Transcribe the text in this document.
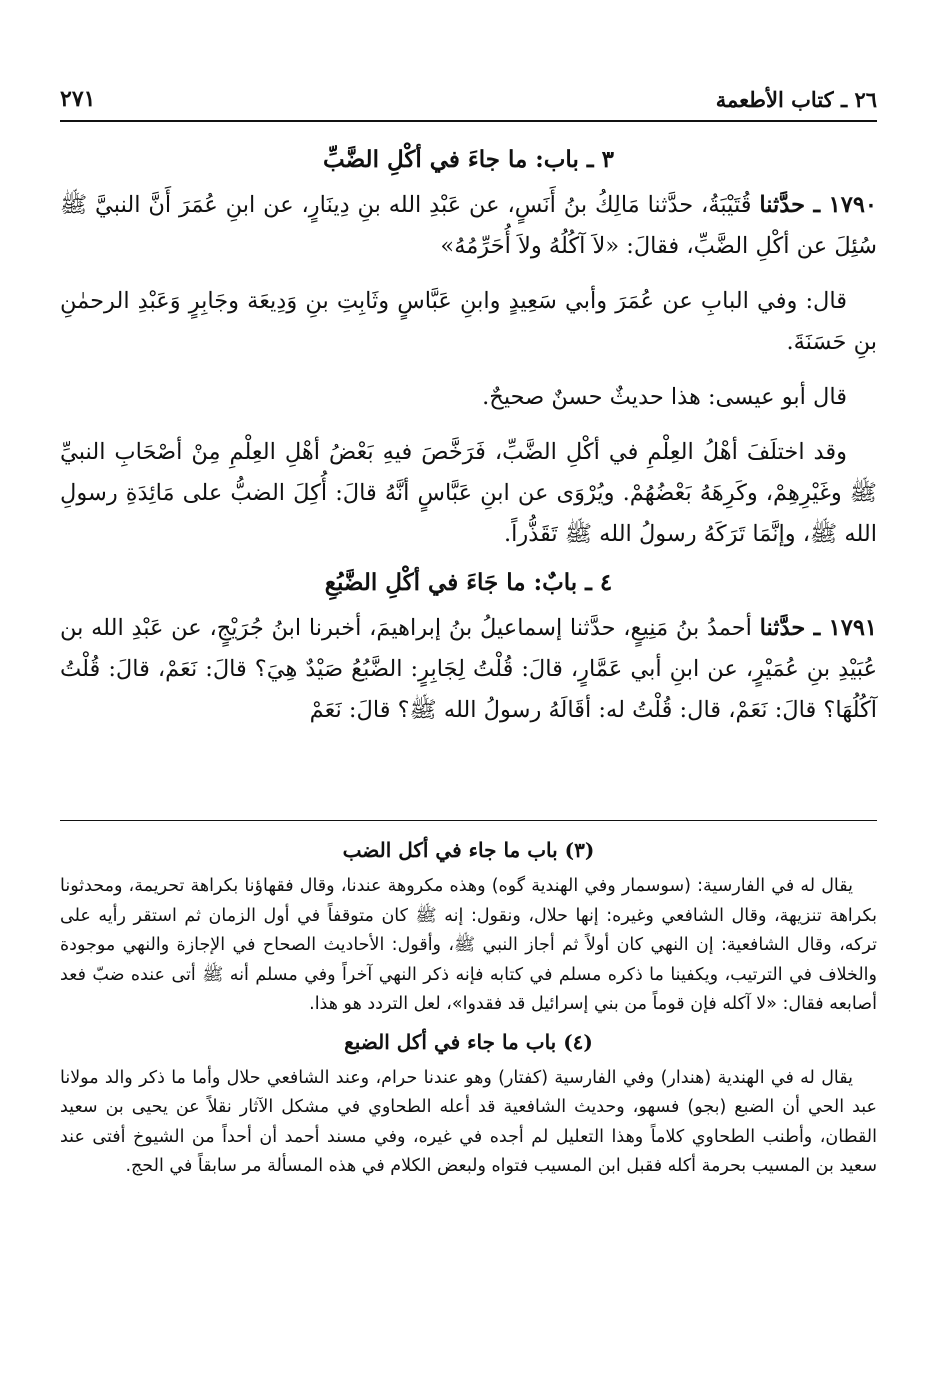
٢٦ ـ كتاب الأطعمة
٢٧١
٣ ـ باب: ما جاءَ في أكْلِ الضَّبِّ

١٧٩٠ ـ حدَّثنا قُتَيْبَةُ، حدَّثنا مَالِكُ بنُ أَنَسٍ، عن عَبْدِ الله بنِ دِينَارٍ، عن ابنِ عُمَرَ أَنَّ النبيَّ ﷺ سُئِلَ عن أكْلِ الضَّبِّ، فقالَ: «لاَ آكُلُهُ ولاَ أُحَرِّمُهُ»

قال: وفي البابِ عن عُمَرَ وأبي سَعِيدٍ وابنِ عَبَّاسٍ وثَابِتِ بنِ وَدِيعَة وجَابِرٍ وَعَبْدِ الرحمٰنِ بنِ حَسَنَةَ.

قال أبو عيسى: هذا حديثٌ حسنٌ صحيحٌ.

وقد اختلَفَ أهْلُ العِلْمِ في أكْلِ الضَّبِّ، فَرَخَّصَ فيهِ بَعْضُ أهْلِ العِلْمِ مِنْ أصْحَابِ النبيِّ ﷺ وغَيْرِهِمْ، وكَرِهَهُ بَعْضُهُمْ. ويُرْوَى عن ابنِ عَبَّاسٍ أنَّهُ قالَ: أُكِلَ الضبُّ على مَائِدَةِ رسولِ الله ﷺ، وإنَّمَا تَرَكَهُ رسولُ الله ﷺ تَقَذُّراً.

٤ ـ بابٌ: ما جَاءَ في أكْلِ الضَّبُعِ

١٧٩١ ـ حدَّثنا أحمدُ بنُ مَنِيعٍ، حدَّثنا إسماعيلُ بنُ إبراهيمَ، أخبرنا ابنُ جُرَيْجٍ، عن عَبْدِ الله بن عُبَيْدِ بنِ عُمَيْرٍ، عن ابنِ أبي عَمَّارٍ، قالَ: قُلْتُ لِجَابِرٍ: الضَّبُعُ صَيْدٌ هِيَ؟ قالَ: نَعَمْ، قالَ: قُلْتُ آكُلُهَا؟ قالَ: نَعَمْ، قال: قُلْتُ له: أقَالَهُ رسولُ الله ﷺ؟ قالَ: نَعَمْ

(٣) باب ما جاء في أكل الضب

يقال له في الفارسية: (سوسمار وفي الهندية گوه) وهذه مكروهة عندنا، وقال فقهاؤنا بكراهة تحريمة، ومحدثونا بكراهة تنزيهة، وقال الشافعي وغيره: إنها حلال، ونقول: إنه ﷺ كان متوقفاً في أول الزمان ثم استقر رأيه على تركه، وقال الشافعية: إن النهي كان أولاً ثم أجاز النبي ﷺ، وأقول: الأحاديث الصحاح في الإجازة والنهي موجودة والخلاف في الترتيب، ويكفينا ما ذكره مسلم في كتابه فإنه ذكر النهي آخراً وفي مسلم أنه ﷺ أتى عنده ضبّ فعد أصابعه فقال: «لا آكله فإن قوماً من بني إسرائيل قد فقدوا»، لعل التردد هو هذا.

(٤) باب ما جاء في أكل الضبع

يقال له في الهندية (هندار) وفي الفارسية (كفتار) وهو عندنا حرام، وعند الشافعي حلال وأما ما ذكر والد مولانا عبد الحي أن الضبع (بجو) فسهو، وحديث الشافعية قد أعله الطحاوي في مشكل الآثار نقلاً عن يحيى بن سعيد القطان، وأطنب الطحاوي كلاماً وهذا التعليل لم أجده في غيره، وفي مسند أحمد أن أحداً من الشيوخ أفتى عند سعيد بن المسيب بحرمة أكله فقبل ابن المسيب فتواه ولبعض الكلام في هذه المسألة مر سابقاً في الحج.
